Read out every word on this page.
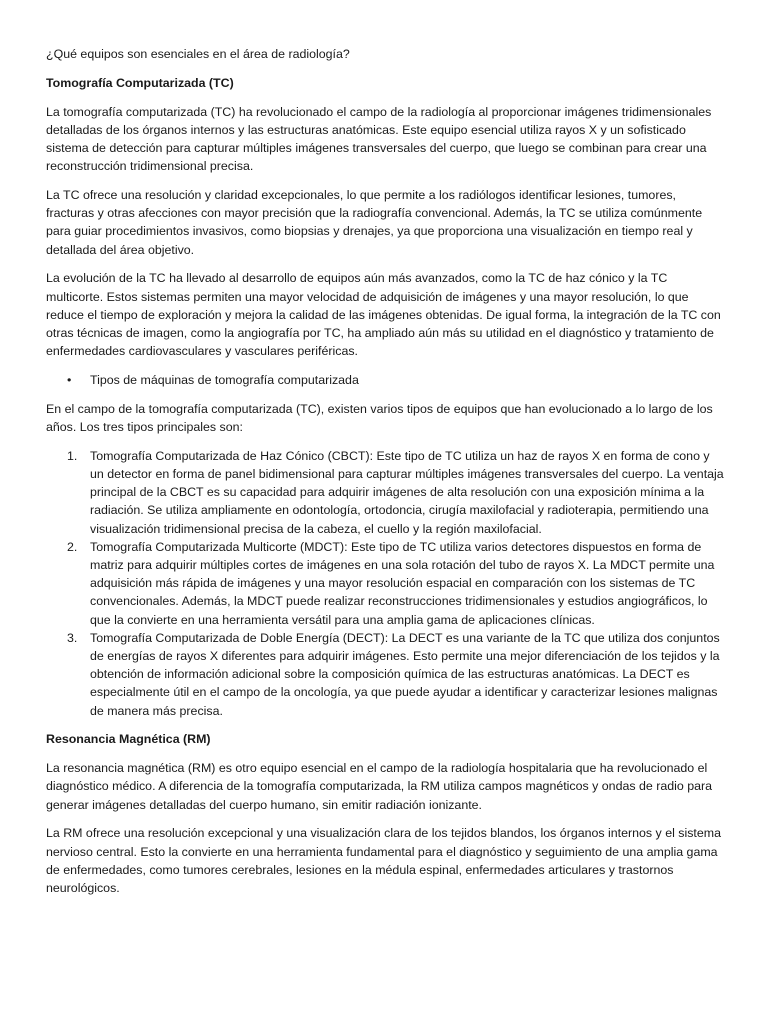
¿Qué equipos son esenciales en el área de radiología?

Tomografía Computarizada (TC)

La tomografía computarizada (TC) ha revolucionado el campo de la radiología al proporcionar imágenes tridimensionales detalladas de los órganos internos y las estructuras anatómicas. Este equipo esencial utiliza rayos X y un sofisticado sistema de detección para capturar múltiples imágenes transversales del cuerpo, que luego se combinan para crear una reconstrucción tridimensional precisa.

La TC ofrece una resolución y claridad excepcionales, lo que permite a los radiólogos identificar lesiones, tumores, fracturas y otras afecciones con mayor precisión que la radiografía convencional. Además, la TC se utiliza comúnmente para guiar procedimientos invasivos, como biopsias y drenajes, ya que proporciona una visualización en tiempo real y detallada del área objetivo.

La evolución de la TC ha llevado al desarrollo de equipos aún más avanzados, como la TC de haz cónico y la TC multicorte. Estos sistemas permiten una mayor velocidad de adquisición de imágenes y una mayor resolución, lo que reduce el tiempo de exploración y mejora la calidad de las imágenes obtenidas. De igual forma, la integración de la TC con otras técnicas de imagen, como la angiografía por TC, ha ampliado aún más su utilidad en el diagnóstico y tratamiento de enfermedades cardiovasculares y vasculares periféricas.

• Tipos de máquinas de tomografía computarizada

En el campo de la tomografía computarizada (TC), existen varios tipos de equipos que han evolucionado a lo largo de los años. Los tres tipos principales son:

1. Tomografía Computarizada de Haz Cónico (CBCT): Este tipo de TC utiliza un haz de rayos X en forma de cono y un detector en forma de panel bidimensional para capturar múltiples imágenes transversales del cuerpo. La ventaja principal de la CBCT es su capacidad para adquirir imágenes de alta resolución con una exposición mínima a la radiación. Se utiliza ampliamente en odontología, ortodoncia, cirugía maxilofacial y radioterapia, permitiendo una visualización tridimensional precisa de la cabeza, el cuello y la región maxilofacial.
2. Tomografía Computarizada Multicorte (MDCT): Este tipo de TC utiliza varios detectores dispuestos en forma de matriz para adquirir múltiples cortes de imágenes en una sola rotación del tubo de rayos X. La MDCT permite una adquisición más rápida de imágenes y una mayor resolución espacial en comparación con los sistemas de TC convencionales. Además, la MDCT puede realizar reconstrucciones tridimensionales y estudios angiográficos, lo que la convierte en una herramienta versátil para una amplia gama de aplicaciones clínicas.
3. Tomografía Computarizada de Doble Energía (DECT): La DECT es una variante de la TC que utiliza dos conjuntos de energías de rayos X diferentes para adquirir imágenes. Esto permite una mejor diferenciación de los tejidos y la obtención de información adicional sobre la composición química de las estructuras anatómicas. La DECT es especialmente útil en el campo de la oncología, ya que puede ayudar a identificar y caracterizar lesiones malignas de manera más precisa.
Resonancia Magnética (RM)

La resonancia magnética (RM) es otro equipo esencial en el campo de la radiología hospitalaria que ha revolucionado el diagnóstico médico. A diferencia de la tomografía computarizada, la RM utiliza campos magnéticos y ondas de radio para generar imágenes detalladas del cuerpo humano, sin emitir radiación ionizante.

La RM ofrece una resolución excepcional y una visualización clara de los tejidos blandos, los órganos internos y el sistema nervioso central. Esto la convierte en una herramienta fundamental para el diagnóstico y seguimiento de una amplia gama de enfermedades, como tumores cerebrales, lesiones en la médula espinal, enfermedades articulares y trastornos neurológicos.
